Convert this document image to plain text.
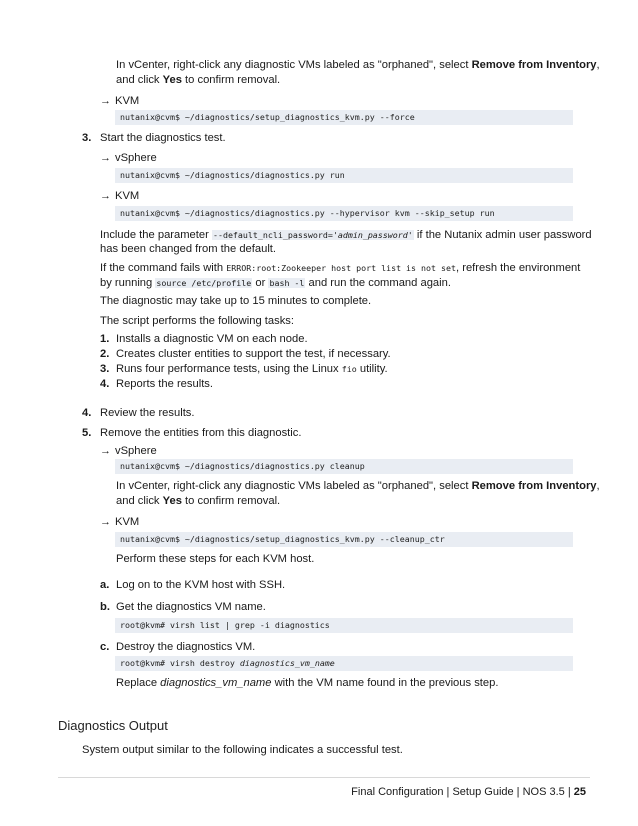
In vCenter, right-click any diagnostic VMs labeled as "orphaned", select Remove from Inventory,
and click Yes to confirm removal.
→ KVM
nutanix@cvm$ ~/diagnostics/setup_diagnostics_kvm.py --force
3. Start the diagnostics test.
→ vSphere
nutanix@cvm$ ~/diagnostics/diagnostics.py run
→ KVM
nutanix@cvm$ ~/diagnostics/diagnostics.py --hypervisor kvm --skip_setup run
Include the parameter --default_ncli_password='admin_password' if the Nutanix admin user password
has been changed from the default.
If the command fails with ERROR:root:Zookeeper host port list is not set, refresh the environment
by running source /etc/profile or bash -l and run the command again.
The diagnostic may take up to 15 minutes to complete.
The script performs the following tasks:
1. Installs a diagnostic VM on each node.
2. Creates cluster entities to support the test, if necessary.
3. Runs four performance tests, using the Linux fio utility.
4. Reports the results.
4. Review the results.
5. Remove the entities from this diagnostic.
→ vSphere
nutanix@cvm$ ~/diagnostics/diagnostics.py cleanup
In vCenter, right-click any diagnostic VMs labeled as "orphaned", select Remove from Inventory,
and click Yes to confirm removal.
→ KVM
nutanix@cvm$ ~/diagnostics/setup_diagnostics_kvm.py --cleanup_ctr
Perform these steps for each KVM host.
a. Log on to the KVM host with SSH.
b. Get the diagnostics VM name.
root@kvm# virsh list | grep -i diagnostics
c. Destroy the diagnostics VM.
root@kvm# virsh destroy diagnostics_vm_name
Replace diagnostics_vm_name with the VM name found in the previous step.
Diagnostics Output
System output similar to the following indicates a successful test.
Final Configuration | Setup Guide | NOS 3.5 | 25
